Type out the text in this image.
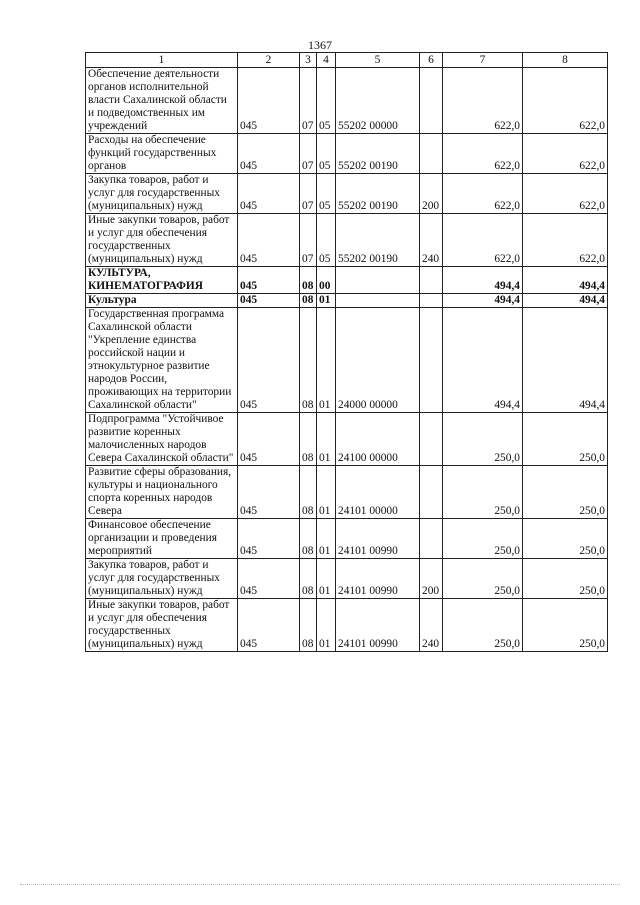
1367
1	2	3	4	5	6	7	8
Обеспечение деятельности органов исполнительной власти Сахалинской области и подведомственных им учреждений	045	07	05	55202 00000		622,0	622,0
Расходы на обеспечение функций государственных органов	045	07	05	55202 00190		622,0	622,0
Закупка товаров, работ и услуг для государственных (муниципальных) нужд	045	07	05	55202 00190	200	622,0	622,0
Иные закупки товаров, работ и услуг для обеспечения государственных (муниципальных) нужд	045	07	05	55202 00190	240	622,0	622,0
КУЛЬТУРА, КИНЕМАТОГРАФИЯ	045	08	00			494,4	494,4
Культура	045	08	01			494,4	494,4
Государственная программа Сахалинской области "Укрепление единства российской нации и этнокультурное развитие народов России, проживающих на территории Сахалинской области"	045	08	01	24000 00000		494,4	494,4
Подпрограмма "Устойчивое развитие коренных малочисленных народов Севера Сахалинской области"	045	08	01	24100 00000		250,0	250,0
Развитие сферы образования, культуры и национального спорта коренных народов Севера	045	08	01	24101 00000		250,0	250,0
Финансовое обеспечение организации и проведения мероприятий	045	08	01	24101 00990		250,0	250,0
Закупка товаров, работ и услуг для государственных (муниципальных) нужд	045	08	01	24101 00990	200	250,0	250,0
Иные закупки товаров, работ и услуг для обеспечения государственных (муниципальных) нужд	045	08	01	24101 00990	240	250,0	250,0
